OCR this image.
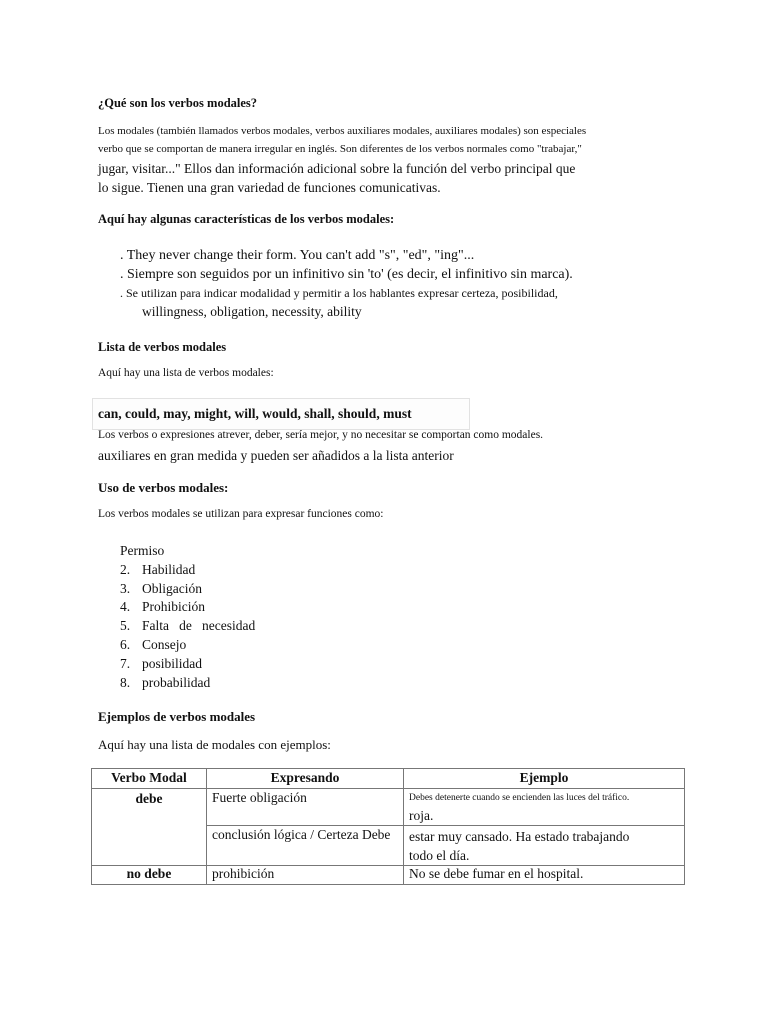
¿Qué son los verbos modales?
Los modales (también llamados verbos modales, verbos auxiliares modales, auxiliares modales) son especiales
verbo que se comportan de manera irregular en inglés. Son diferentes de los verbos normales como "trabajar,"
jugar, visitar..." Ellos dan información adicional sobre la función del verbo principal que
lo sigue. Tienen una gran variedad de funciones comunicativas.
Aquí hay algunas características de los verbos modales:
. They never change their form. You can't add "s", "ed", "ing"...
. Siempre son seguidos por un infinitivo sin 'to' (es decir, el infinitivo sin marca).
. Se utilizan para indicar modalidad y permitir a los hablantes expresar certeza, posibilidad,
willingness, obligation, necessity, ability
Lista de verbos modales
Aquí hay una lista de verbos modales:
can, could, may, might, will, would, shall, should, must
Los verbos o expresiones atrever, deber, sería mejor, y no necesitar se comportan como modales.
auxiliares en gran medida y pueden ser añadidos a la lista anterior
Uso de verbos modales:
Los verbos modales se utilizan para expresar funciones como:
Permiso
2. Habilidad
3. Obligación
4. Prohibición
5. Falta   de   necesidad
6. Consejo
7. posibilidad
8. probabilidad
Ejemplos de verbos modales
Aquí hay una lista de modales con ejemplos:
Verbo Modal	Expresando	Ejemplo
debe	Fuerte obligación	Debes detenerte cuando se encienden las luces del tráfico.
roja.

	conclusión lógica / Certeza Debe	estar muy cansado. Ha estado trabajando
todo el día.

no debe	prohibición	No se debe fumar en el hospital.
